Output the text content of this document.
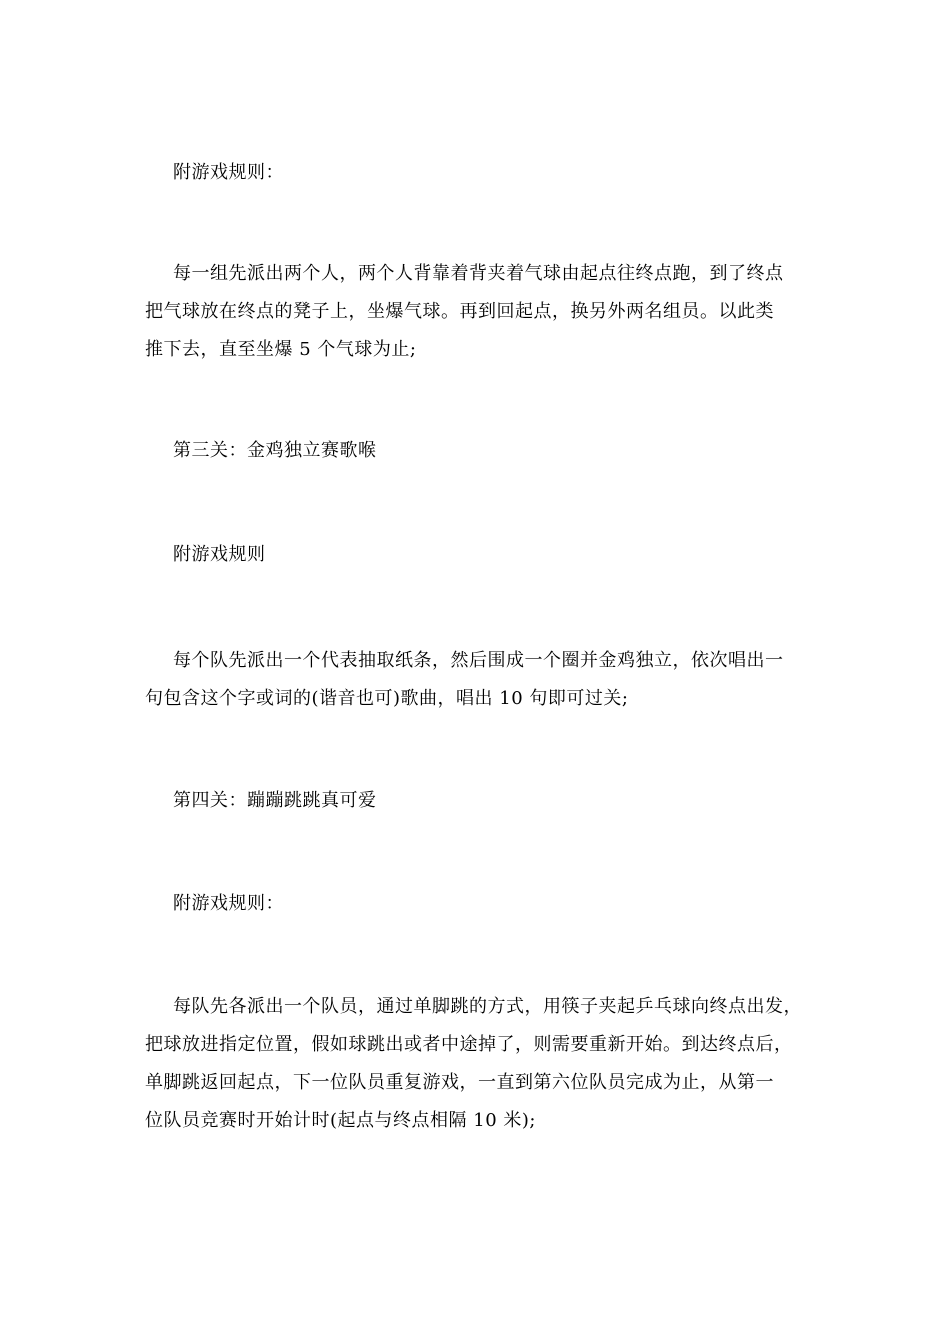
附游戏规则：

每一组先派出两个人，两个人背靠着背夹着气球由起点往终点跑，到了终点
把气球放在终点的凳子上，坐爆气球。再到回起点，换另外两名组员。以此类
推下去，直至坐爆 5 个气球为止;

第三关：金鸡独立赛歌喉

附游戏规则

每个队先派出一个代表抽取纸条，然后围成一个圈并金鸡独立，依次唱出一
句包含这个字或词的(谐音也可)歌曲，唱出 10 句即可过关;

第四关：蹦蹦跳跳真可爱

附游戏规则：

每队先各派出一个队员，通过单脚跳的方式，用筷子夹起乒乓球向终点出发，
把球放进指定位置，假如球跳出或者中途掉了，则需要重新开始。到达终点后，
单脚跳返回起点，下一位队员重复游戏，一直到第六位队员完成为止，从第一
位队员竞赛时开始计时(起点与终点相隔 10 米);
